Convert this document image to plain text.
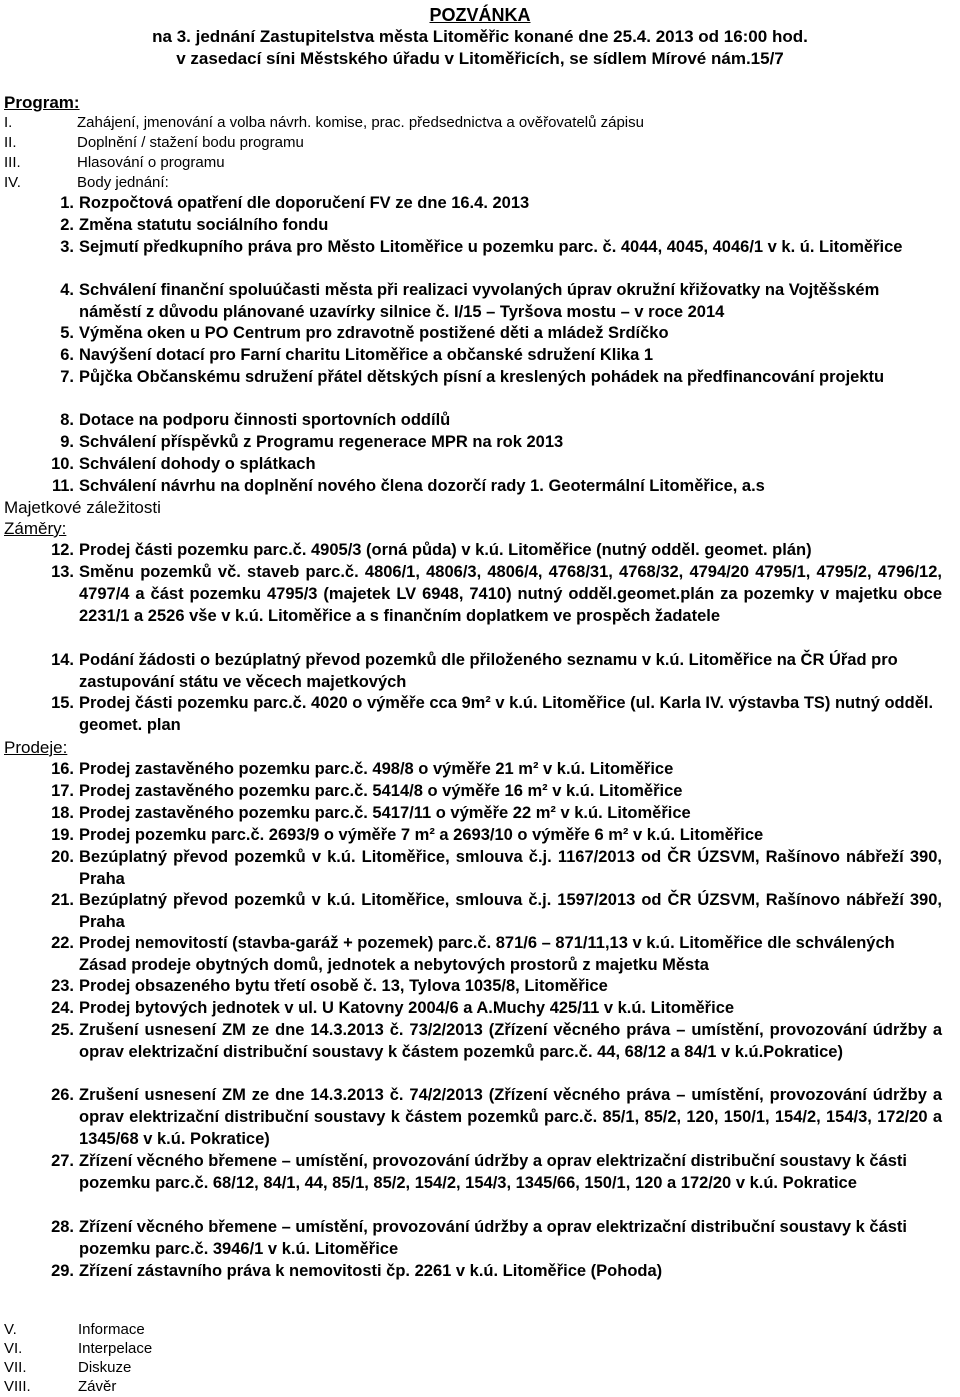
POZVÁNKA
na 3. jednání Zastupitelstva města Litoměřic konané dne 25.4. 2013 od 16:00 hod.
v zasedací síni Městského úřadu v Litoměřicích, se sídlem Mírové nám.15/7
Program:
I.	Zahájení, jmenování a volba návrh. komise, prac. předsednictva a ověřovatelů zápisu
II.	Doplnění / stažení bodu programu
III.	Hlasování o programu
IV.	Body jednání:
1. Rozpočtová opatření dle doporučení FV ze dne 16.4. 2013
2. Změna statutu sociálního fondu
3. Sejmutí předkupního práva pro Město Litoměřice u pozemku parc. č. 4044, 4045, 4046/1 v k. ú. Litoměřice
4. Schválení finanční spoluúčasti města při realizaci vyvolaných úprav okružní křižovatky na Vojtěšském náměstí z důvodu plánované uzavírky silnice č. I/15 – Tyršova mostu – v roce 2014
5. Výměna oken u PO Centrum pro zdravotně postižené děti a mládež Srdíčko
6. Navýšení dotací pro Farní charitu Litoměřice a občanské sdružení Klika 1
7. Půjčka Občanskému sdružení přátel dětských písní a kreslených pohádek na předfinancování projektu
8. Dotace na podporu činnosti sportovních oddílů
9. Schválení příspěvků z Programu regenerace MPR na rok 2013
10. Schválení dohody o splátkach
11. Schválení návrhu na doplnění nového člena dozorčí rady 1. Geotermální Litoměřice, a.s
Majetkové záležitosti
Záměry:
12. Prodej části pozemku parc.č. 4905/3 (orná půda) v k.ú. Litoměřice (nutný odděl. geomet. plán)
13. Směnu pozemků vč. staveb parc.č. 4806/1, 4806/3, 4806/4, 4768/31, 4768/32, 4794/20 4795/1, 4795/2, 4796/12, 4797/4 a část pozemku 4795/3 (majetek LV 6948, 7410) nutný odděl.geomet.plán za pozemky v majetku obce 2231/1 a 2526 vše v k.ú. Litoměřice a s finančním doplatkem ve prospěch žadatele
14. Podání žádosti o bezúplatný převod pozemků dle přiloženého seznamu v k.ú. Litoměřice na ČR Úřad pro zastupování státu ve věcech majetkových
15. Prodej části pozemku parc.č. 4020 o výměře cca 9m² v k.ú. Litoměřice (ul. Karla IV. výstavba TS) nutný odděl. geomet. plan
Prodeje:
16. Prodej zastavěného pozemku parc.č. 498/8 o výměře 21 m² v k.ú. Litoměřice
17. Prodej zastavěného pozemku parc.č. 5414/8 o výměře 16 m² v k.ú. Litoměřice
18. Prodej zastavěného pozemku parc.č. 5417/11 o výměře 22 m² v k.ú. Litoměřice
19. Prodej pozemku parc.č. 2693/9 o výměře 7 m² a 2693/10 o výměře 6 m² v k.ú. Litoměřice
20. Bezúplatný převod pozemků v k.ú. Litoměřice, smlouva č.j. 1167/2013 od ČR ÚZSVM, Rašínovo nábřeží 390, Praha
21. Bezúplatný převod pozemků v k.ú. Litoměřice, smlouva č.j. 1597/2013 od ČR ÚZSVM, Rašínovo nábřeží 390, Praha
22. Prodej nemovitostí (stavba-garáž + pozemek) parc.č. 871/6 – 871/11,13 v k.ú. Litoměřice dle schválených Zásad prodeje obytných domů, jednotek a nebytových prostorů z majetku Města
23. Prodej obsazeného bytu třetí osobě č. 13, Tylova 1035/8, Litoměřice
24. Prodej bytových jednotek v ul. U Katovny 2004/6 a A.Muchy 425/11 v k.ú. Litoměřice
25. Zrušení usnesení ZM ze dne 14.3.2013 č. 73/2/2013 (Zřízení věcného práva – umístění, provozování údržby a oprav elektrizační distribuční soustavy k částem pozemků parc.č. 44, 68/12 a 84/1 v k.ú.Pokratice)
26. Zrušení usnesení ZM ze dne 14.3.2013 č. 74/2/2013 (Zřízení věcného práva – umístění, provozování údržby a oprav elektrizační distribuční soustavy k částem pozemků parc.č. 85/1, 85/2, 120, 150/1, 154/2, 154/3, 172/20 a 1345/68 v k.ú. Pokratice)
27. Zřízení věcného břemene – umístění, provozování údržby a oprav elektrizační distribuční soustavy k části pozemku parc.č. 68/12, 84/1, 44, 85/1, 85/2, 154/2, 154/3, 1345/66, 150/1, 120 a 172/20 v k.ú. Pokratice
28. Zřízení věcného břemene – umístění, provozování údržby a oprav elektrizační distribuční soustavy k části pozemku parc.č. 3946/1 v k.ú. Litoměřice
29. Zřízení zástavního práva k nemovitosti čp. 2261 v k.ú. Litoměřice (Pohoda)
V.	Informace
VI.	Interpelace
VII.	Diskuze
VIII.	Závěr
